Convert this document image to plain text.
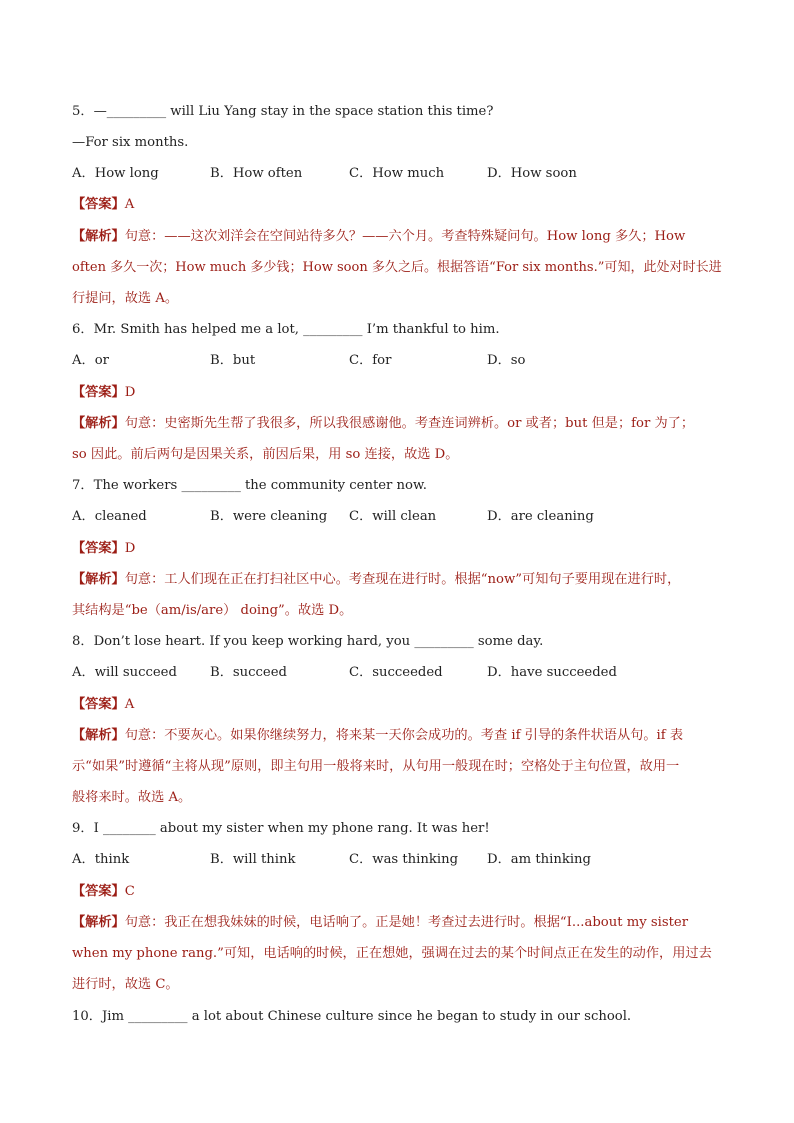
5．—_________ will Liu Yang stay in the space station this time?
—For six months.
A．How long	B．How often	C．How much	D．How soon
【答案】A
【解析】句意：——这次刘洋会在空间站待多久？——六个月。考查特殊疑问句。How long 多久；How
often 多久一次；How much 多少钱；How soon 多久之后。根据答语“For six months.”可知，此处对时长进
行提问，故选 A。
6．Mr. Smith has helped me a lot, _________ I’m thankful to him.
A．or	B．but	C．for	D．so
【答案】D
【解析】句意：史密斯先生帮了我很多，所以我很感谢他。考查连词辨析。or 或者；but 但是；for 为了；
so 因此。前后两句是因果关系，前因后果，用 so 连接，故选 D。
7．The workers _________ the community center now.
A．cleaned	B．were cleaning C．will clean	D．are cleaning
【答案】D
【解析】句意：工人们现在正在打扫社区中心。考查现在进行时。根据“now”可知句子要用现在进行时，
其结构是“be（am/is/are） doing”。故选 D。
8．Don’t lose heart. If you keep working hard, you _________ some day.
A．will succeed	B．succeed	C．succeeded	D．have succeeded
【答案】A
【解析】句意：不要灰心。如果你继续努力，将来某一天你会成功的。考查 if 引导的条件状语从句。if 表
示“如果”时遵循“主将从现”原则，即主句用一般将来时，从句用一般现在时；空格处于主句位置，故用一
般将来时。故选 A。
9．I ________ about my sister when my phone rang. It was her!
A．think	B．will think	C．was thinking D．am thinking
【答案】C
【解析】句意：我正在想我妹妹的时候，电话响了。正是她！考查过去进行时。根据“I...about my sister
when my phone rang.”可知，电话响的时候，正在想她，强调在过去的某个时间点正在发生的动作，用过去
进行时，故选 C。
10．Jim _________ a lot about Chinese culture since he began to study in our school.
